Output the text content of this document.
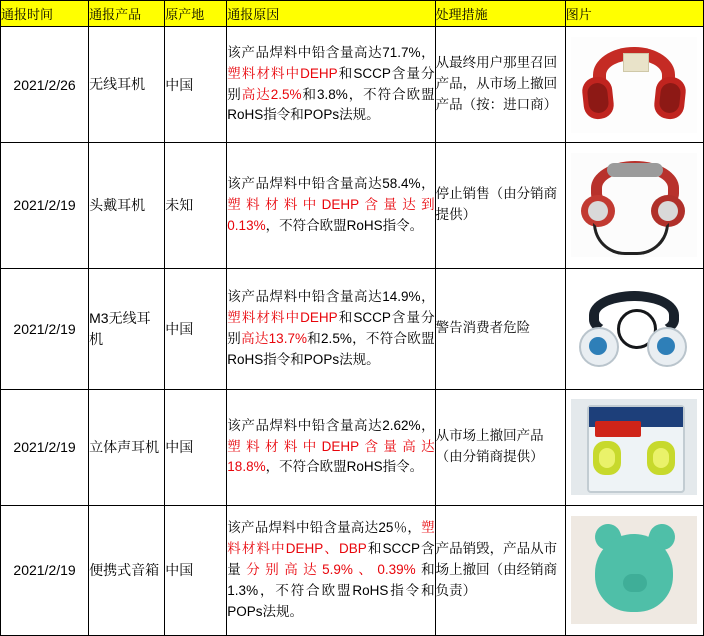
通报时间	通报产品	原产地	通报原因	处理措施	图片
2021/2/26	无线耳机	中国	该产品焊料中铅含量高达71.7%，塑料材料中DEHP和SCCP含量分别高达2.5%和3.8%，不符合欧盟RoHS指令和POPs法规。	从最终用户那里召回产品，从市场上撤回产品（按：进口商）	

2021/2/19	头戴耳机	未知	该产品焊料中铅含量高达58.4%，塑料材料中DEHP含量达到0.13%，不符合欧盟RoHS指令。	停止销售（由分销商提供）	

2021/2/19	M3无线耳机	中国	该产品焊料中铅含量高达14.9%，塑料材料中DEHP和SCCP含量分别高达13.7%和2.5%，不符合欧盟RoHS指令和POPs法规。	警告消费者危险	

2021/2/19	立体声耳机	中国	该产品焊料中铅含量高达2.62%，塑料材料中DEHP含量高达18.8%，不符合欧盟RoHS指令。	从市场上撤回产品（由分销商提供）	

2021/2/19	便携式音箱	中国	该产品焊料中铅含量高达25％，塑料材料中DEHP、DBP和SCCP含量分别高达5.9%、0.39%和1.3%，不符合欧盟RoHS指令和POPs法规。	产品销毁，产品从市场上撤回（由经销商负责）	
